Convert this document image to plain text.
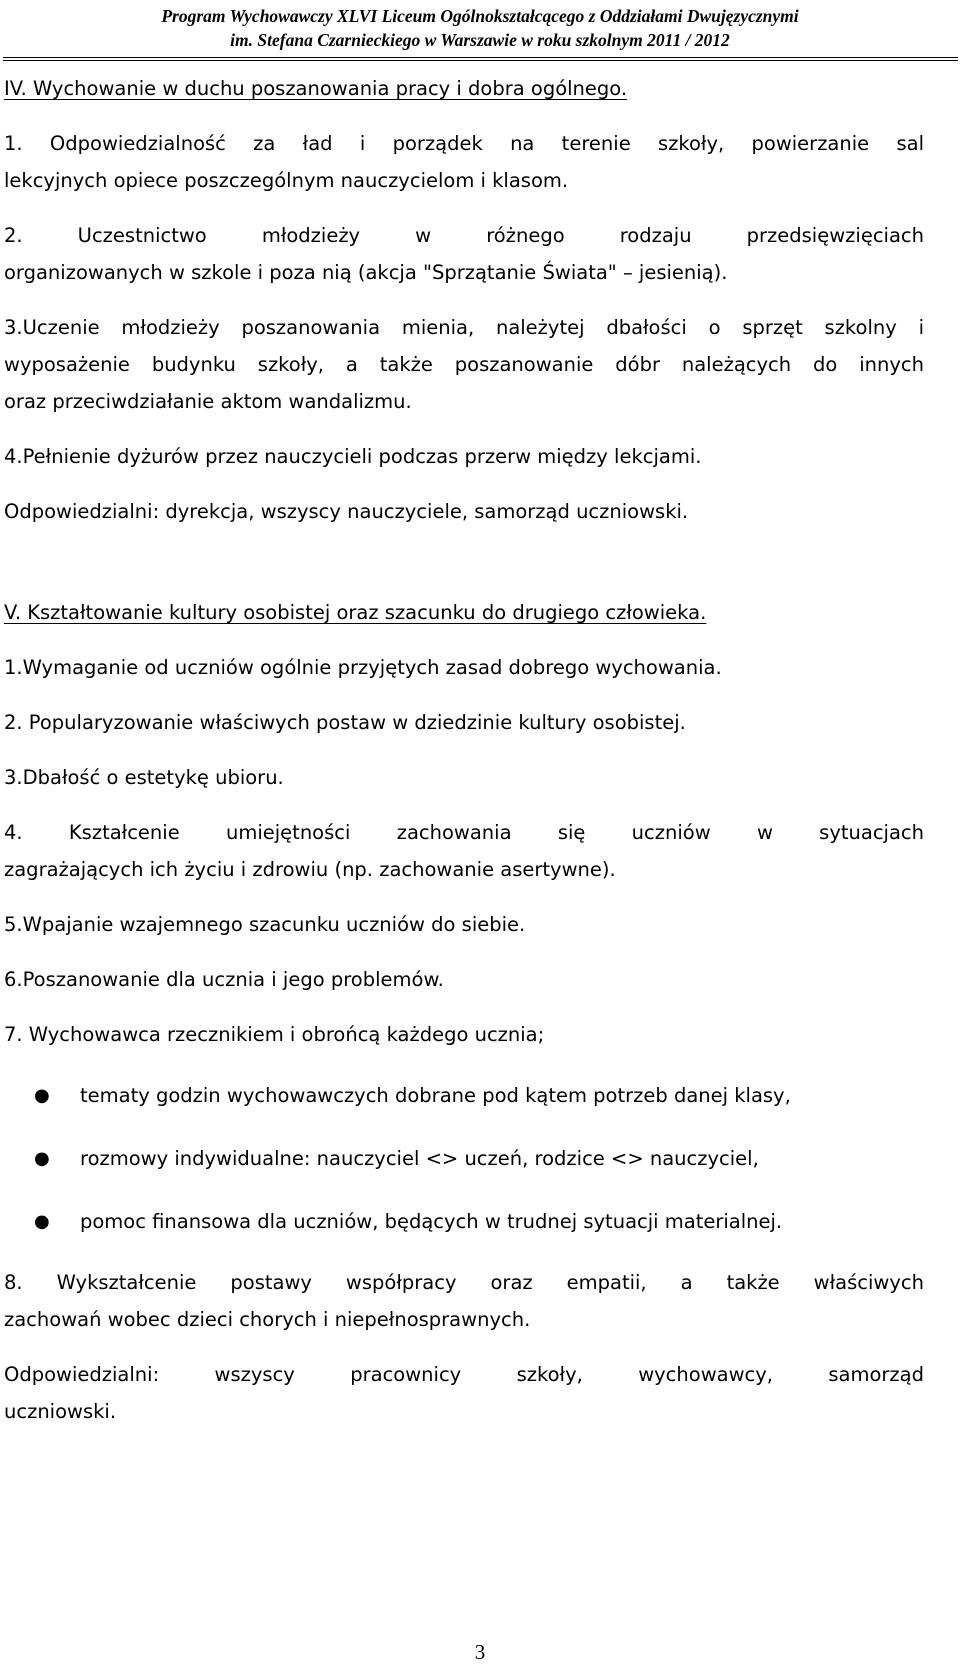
Program Wychowawczy XLVI Liceum Ogólnokształcącego z Oddziałami Dwujęzycznymi
im. Stefana Czarnieckiego w Warszawie w roku szkolnym 2011 / 2012

IV. Wychowanie w duchu poszanowania pracy i dobra ogólnego.

1. Odpowiedzialność za ład i porządek na terenie szkoły, powierzanie sal

lekcyjnych opiece poszczególnym nauczycielom i klasom.

2. Uczestnictwo młodzieży w różnego rodzaju przedsięwzięciach

organizowanych w szkole i poza nią (akcja "Sprzątanie Świata" – jesienią).

3.Uczenie młodzieży poszanowania mienia, należytej dbałości o sprzęt szkolny i

wyposażenie budynku szkoły, a także poszanowanie dóbr należących do innych

oraz przeciwdziałanie aktom wandalizmu.

4.Pełnienie dyżurów przez nauczycieli podczas przerw między lekcjami.

Odpowiedzialni: dyrekcja, wszyscy nauczyciele, samorząd uczniowski.

V. Kształtowanie kultury osobistej oraz szacunku do drugiego człowieka.

1.Wymaganie od uczniów ogólnie przyjętych zasad dobrego wychowania.

2. Popularyzowanie właściwych postaw w dziedzinie kultury osobistej.

3.Dbałość o estetykę ubioru.

4. Kształcenie umiejętności zachowania się uczniów w sytuacjach

zagrażających ich życiu i zdrowiu (np. zachowanie asertywne).

5.Wpajanie wzajemnego szacunku uczniów do siebie.

6.Poszanowanie dla ucznia i jego problemów.

7. Wychowawca rzecznikiem i obrońcą każdego ucznia;

● tematy godzin wychowawczych dobrane pod kątem potrzeb danej klasy,
● rozmowy indywidualne: nauczyciel <> uczeń, rodzice <> nauczyciel,
● pomoc finansowa dla uczniów, będących w trudnej sytuacji materialnej.

8. Wykształcenie postawy współpracy oraz empatii, a także właściwych

zachowań wobec dzieci chorych i niepełnosprawnych.

Odpowiedzialni: wszyscy pracownicy szkoły, wychowawcy, samorząd

uczniowski.

3
